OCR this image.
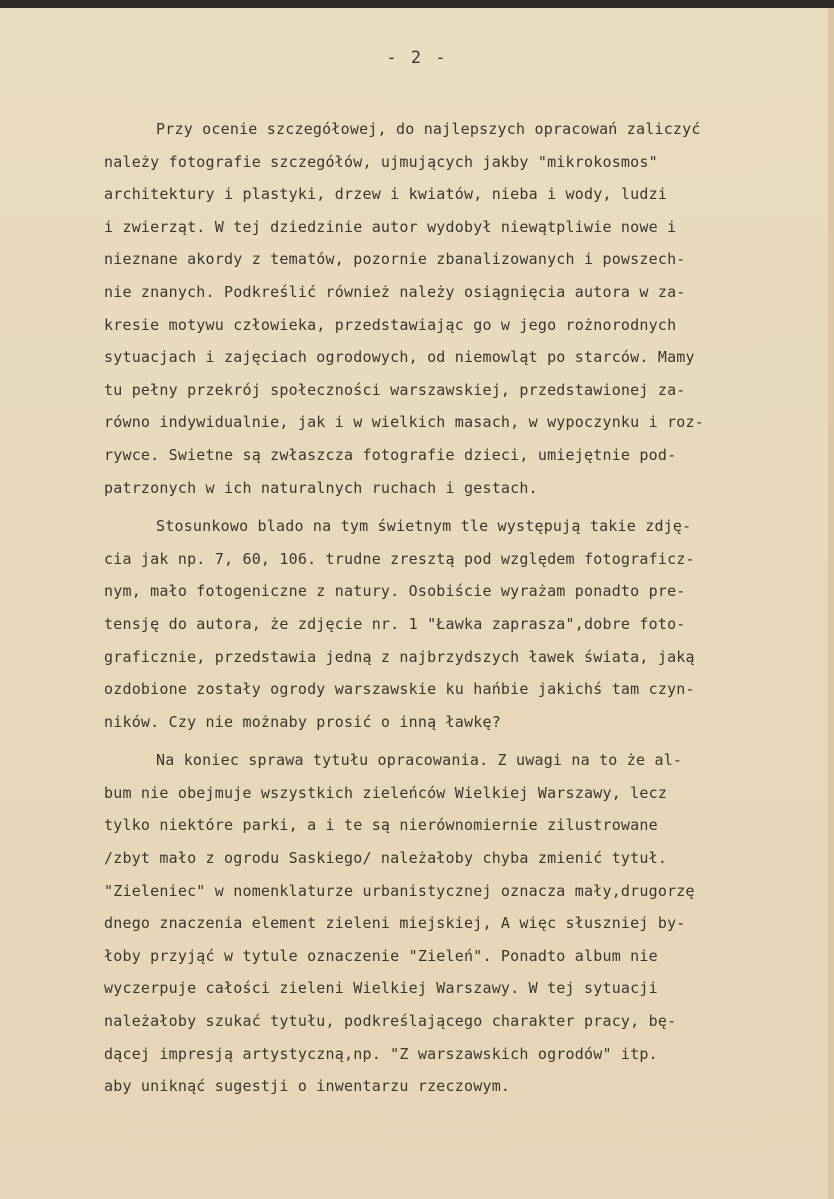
- 2 -
Przy ocenie szczegółowej, do najlepszych opracowań zaliczyć
należy fotografie szczegółów, ujmujących jakby "mikrokosmos"
architektury i plastyki, drzew i kwiatów, nieba i wody, ludzi
i zwierząt. W tej dziedzinie autor wydobył niewątpliwie nowe i
nieznane akordy z tematów, pozornie zbanalizowanych i powszech-
nie znanych. Podkreślić również należy osiągnięcia autora w za-
kresie motywu człowieka, przedstawiając go w jego rożnorodnych
sytuacjach i zajęciach ogrodowych, od niemowląt po starców. Mamy
tu pełny przekrój społeczności warszawskiej, przedstawionej za-
równo indywidualnie, jak i w wielkich masach, w wypoczynku i roz-
rywce. Swietne są zwłaszcza fotografie dzieci, umiejętnie pod-
patrzonych w ich naturalnych ruchach i gestach.
Stosunkowo blado na tym świetnym tle występują takie zdję-
cia jak np. 7, 60, 106. trudne zresztą pod względem fotograficz-
nym, mało fotogeniczne z natury. Osobiście wyrażam ponadto pre-
tensję do autora, że zdjęcie nr. 1 "Ławka zaprasza",dobre foto-
graficznie, przedstawia jedną z najbrzydszych ławek świata, jaką
ozdobione zostały ogrody warszawskie ku hańbie jakichś tam czyn-
ników. Czy nie możnaby prosić o inną ławkę?
Na koniec sprawa tytułu opracowania. Z uwagi na to że al-
bum nie obejmuje wszystkich zieleńców Wielkiej Warszawy, lecz
tylko niektóre parki, a i te są nierównomiernie zilustrowane
/zbyt mało z ogrodu Saskiego/ należałoby chyba zmienić tytuł.
"Zieleniec" w nomenklaturze urbanistycznej oznacza mały,drugorzę
dnego znaczenia element zieleni miejskiej, A więc słuszniej by-
łoby przyjąć w tytule oznaczenie "Zieleń". Ponadto album nie
wyczerpuje całości zieleni Wielkiej Warszawy. W tej sytuacji
należałoby szukać tytułu, podkreślającego charakter pracy, bę-
dącej impresją artystyczną,np. "Z warszawskich ogrodów" itp.
aby uniknąć sugestji o inwentarzu rzeczowym.
